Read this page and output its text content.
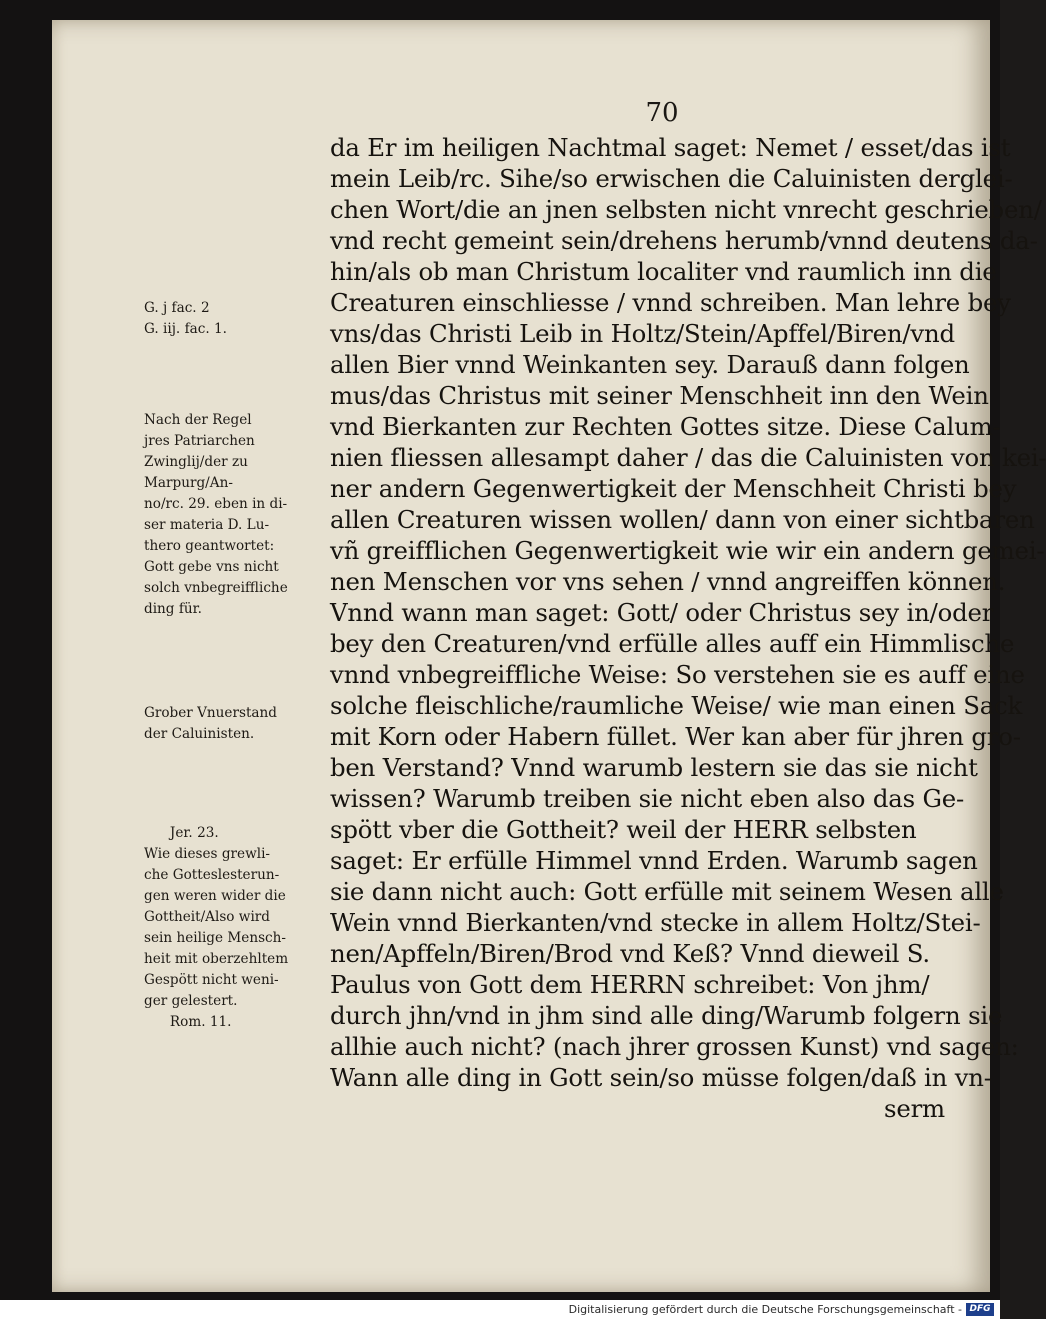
70
da Er im heiligen Nachtmal saget: Nemet / esset/das ist
mein Leib/rc. Sihe/so erwischen die Caluinisten derglei-
chen Wort/die an jnen selbsten nicht vnrecht geschrieben/
vnd recht gemeint sein/drehens herumb/vnnd deutens da-
hin/als ob man Christum localiter vnd raumlich inn die
Creaturen einschliesse / vnnd schreiben. Man lehre bey
vns/das Christi Leib in Holtz/Stein/Apffel/Biren/vnd
allen Bier vnnd Weinkanten sey. Darauß dann folgen
mus/das Christus mit seiner Menschheit inn den Wein
vnd Bierkanten zur Rechten Gottes sitze. Diese Calum-
nien fliessen allesampt daher / das die Caluinisten von kei-
ner andern Gegenwertigkeit der Menschheit Christi bey
allen Creaturen wissen wollen/ dann von einer sichtbaren
vñ greifflichen Gegenwertigkeit wie wir ein andern gemei-
nen Menschen vor vns sehen / vnnd angreiffen können.
Vnnd wann man saget: Gott/ oder Christus sey in/oder
bey den Creaturen/vnd erfülle alles auff ein Himmlische
vnnd vnbegreiffliche Weise: So verstehen sie es auff eine
solche fleischliche/raumliche Weise/ wie man einen Sack
mit Korn oder Habern füllet. Wer kan aber für jhren gro-
ben Verstand? Vnnd warumb lestern sie das sie nicht
wissen? Warumb treiben sie nicht eben also das Ge-
spött vber die Gottheit? weil der HERR selbsten
saget: Er erfülle Himmel vnnd Erden. Warumb sagen
sie dann nicht auch: Gott erfülle mit seinem Wesen alle
Wein vnnd Bierkanten/vnd stecke in allem Holtz/Stei-
nen/Apffeln/Biren/Brod vnd Keß? Vnnd dieweil S.
Paulus von Gott dem HERRN schreibet: Von jhm/
durch jhn/vnd in jhm sind alle ding/Warumb folgern sie
allhie auch nicht? (nach jhrer grossen Kunst) vnd sagen:
Wann alle ding in Gott sein/so müsse folgen/daß in vn-
serm
G. j fac. 2
G. iij. fac. 1.
Nach der Regel
jres Patriarchen
Zwinglij/der zu
Marpurg/An-
no/rc. 29. eben in di-
ser materia D. Lu-
thero geantwortet:
Gott gebe vns nicht
solch vnbegreiffliche
ding für.
Grober Vnuerstand
der Caluinisten.
Jer. 23.
Wie dieses grewli-
che Gotteslesterun-
gen weren wider die
Gottheit/Also wird
sein heilige Mensch-
heit mit oberzehltem
Gespött nicht weni-
ger gelestert.
Rom. 11.
Digitalisierung gefördert durch die Deutsche Forschungsgemeinschaft - DFG
